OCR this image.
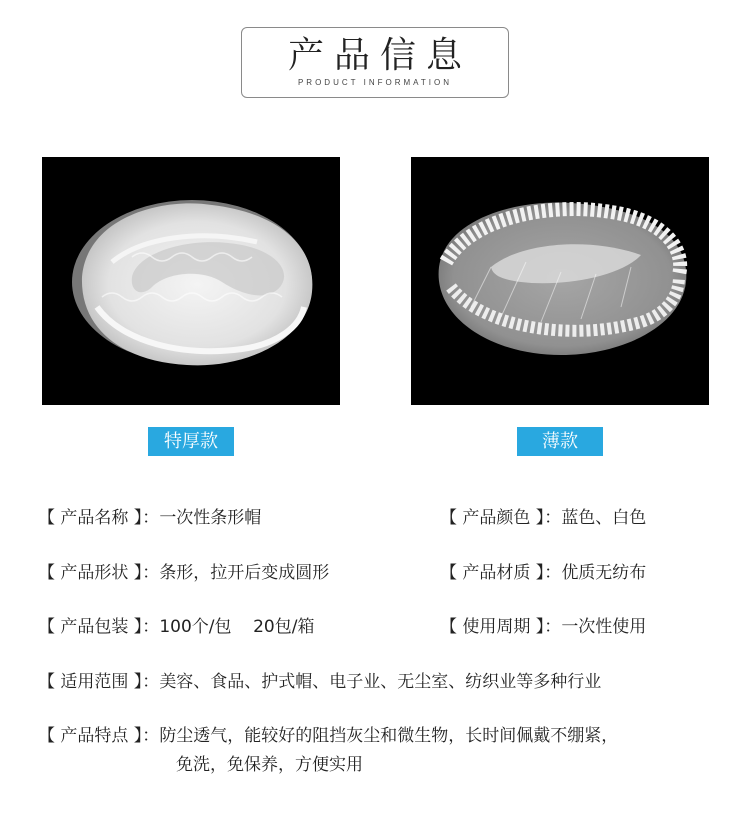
产品信息
PRODUCT INFORMATION
特厚款	薄款
【 产品名称 】：一次性条形帽	【 产品颜色 】：蓝色、白色
【 产品形状 】：条形，拉开后变成圆形	【 产品材质 】：优质无纺布
【 产品包装 】：100个/包    20包/箱	【 使用周期 】：一次性使用
【 适用范围 】：美容、食品、护式帽、电子业、无尘室、纺织业等多种行业
【 产品特点 】：防尘透气，能较好的阻挡灰尘和微生物，长时间佩戴不绷紧，
免洗，免保养，方便实用
